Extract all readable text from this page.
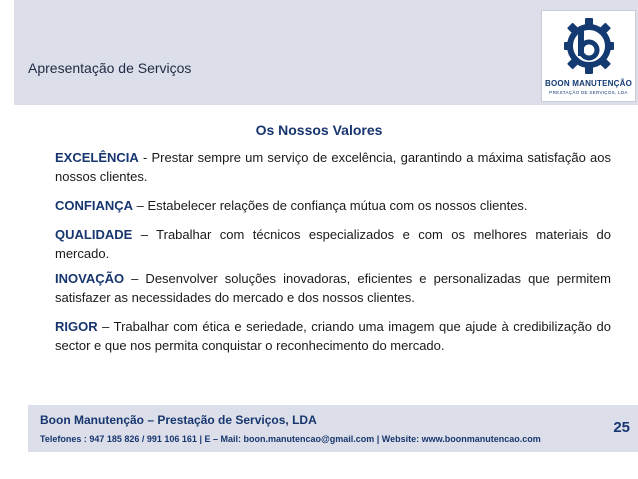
Apresentação de Serviços
BOON MANUTENÇÃO
PRESTAÇÃO DE SERVIÇOS, LDA
Os Nossos Valores
EXCELÊNCIA - Prestar sempre um serviço de excelência, garantindo a máxima satisfação aos nossos clientes.
CONFIANÇA – Estabelecer relações de confiança mútua com os nossos clientes.
QUALIDADE – Trabalhar com técnicos especializados e com os melhores materiais do mercado.
INOVAÇÃO – Desenvolver soluções inovadoras, eficientes e personalizadas que permitem satisfazer as necessidades do mercado e dos nossos clientes.
RIGOR – Trabalhar com ética e seriedade, criando uma imagem que ajude à credibilização do sector e que nos permita conquistar o reconhecimento do mercado.
Boon Manutenção – Prestação de Serviços, LDA
Telefones : 947 185 826 / 991 106 161 | E – Mail: boon.manutencao@gmail.com | Website: www.boonmanutencao.com
25
